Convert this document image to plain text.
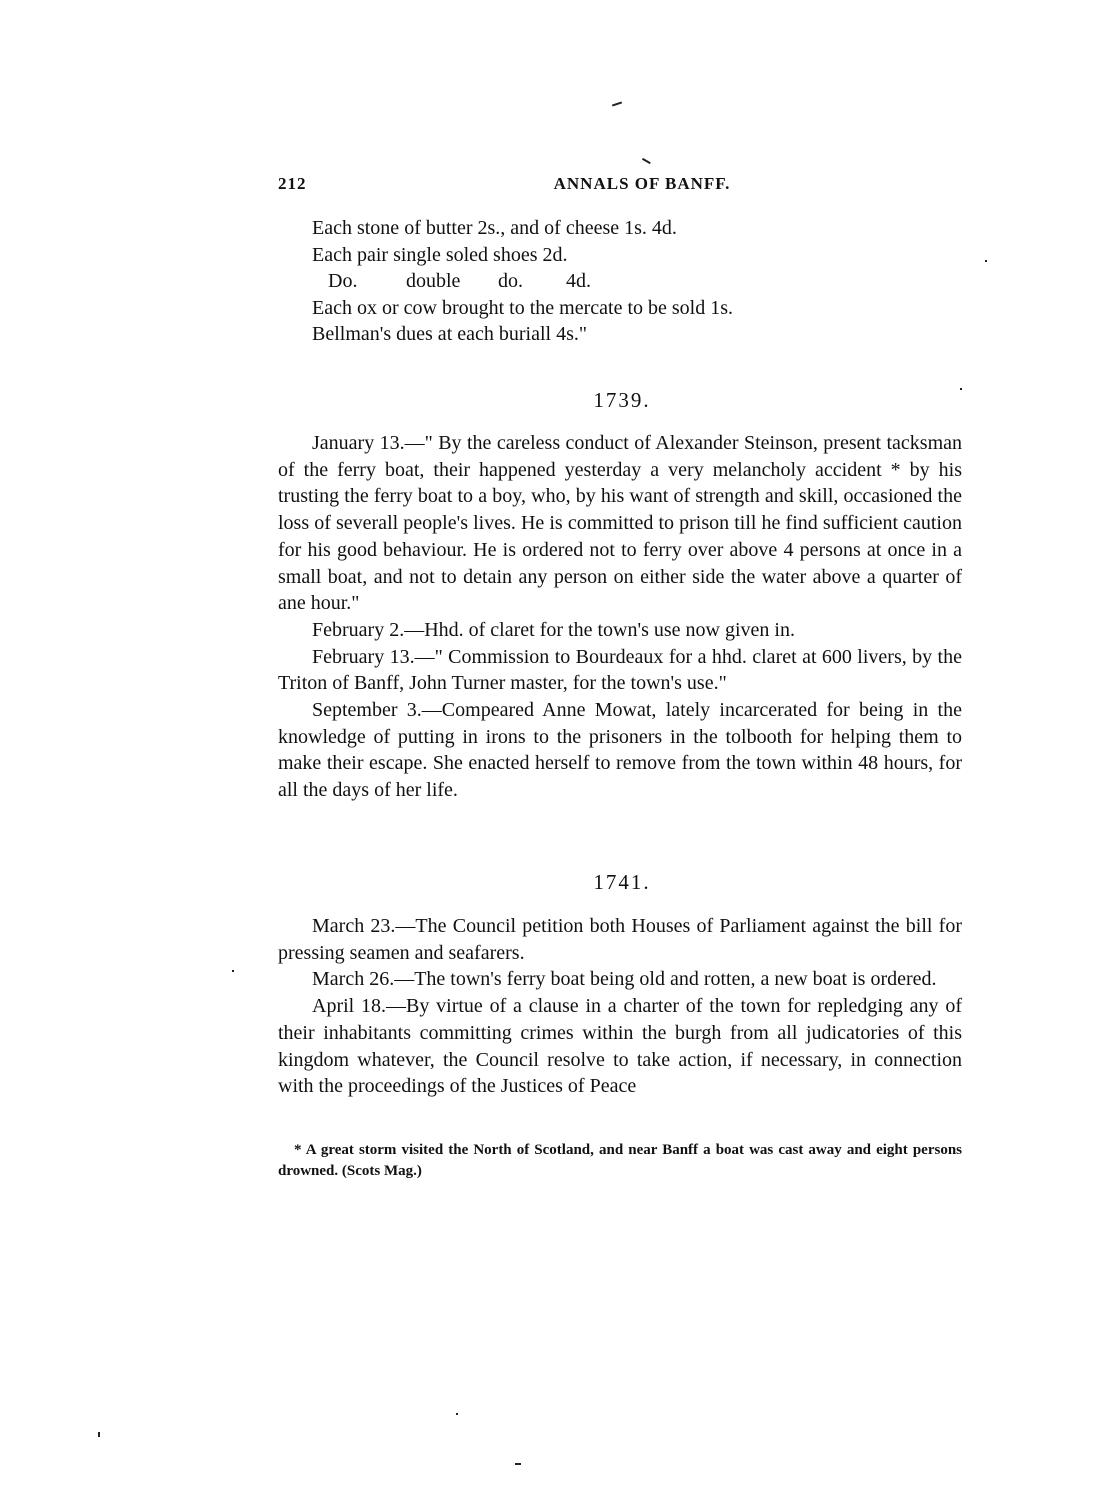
212	ANNALS OF BANFF.
Each stone of butter 2s., and of cheese 1s. 4d.
Each pair single soled shoes 2d.
Do. double do. 4d.
Each ox or cow brought to the mercate to be sold 1s.
Bellman's dues at each buriall 4s."
1739.

January 13.—" By the careless conduct of Alexander Steinson, present tacksman of the ferry boat, their happened yesterday a very melancholy accident * by his trusting the ferry boat to a boy, who, by his want of strength and skill, occasioned the loss of severall people's lives. He is committed to prison till he find sufficient caution for his good behaviour. He is ordered not to ferry over above 4 persons at once in a small boat, and not to detain any person on either side the water above a quarter of ane hour."

February 2.—Hhd. of claret for the town's use now given in.

February 13.—" Commission to Bourdeaux for a hhd. claret at 600 livers, by the Triton of Banff, John Turner master, for the town's use."

September 3.—Compeared Anne Mowat, lately incarcerated for being in the knowledge of putting in irons to the prisoners in the tolbooth for helping them to make their escape. She enacted herself to remove from the town within 48 hours, for all the days of her life.

1741.

March 23.—The Council petition both Houses of Parliament against the bill for pressing seamen and seafarers.

March 26.—The town's ferry boat being old and rotten, a new boat is ordered.

April 18.—By virtue of a clause in a charter of the town for repledging any of their inhabitants committing crimes within the burgh from all judicatories of this kingdom whatever, the Council resolve to take action, if necessary, in connection with the proceedings of the Justices of Peace

* A great storm visited the North of Scotland, and near Banff a boat was cast away and eight persons drowned. (Scots Mag.)
